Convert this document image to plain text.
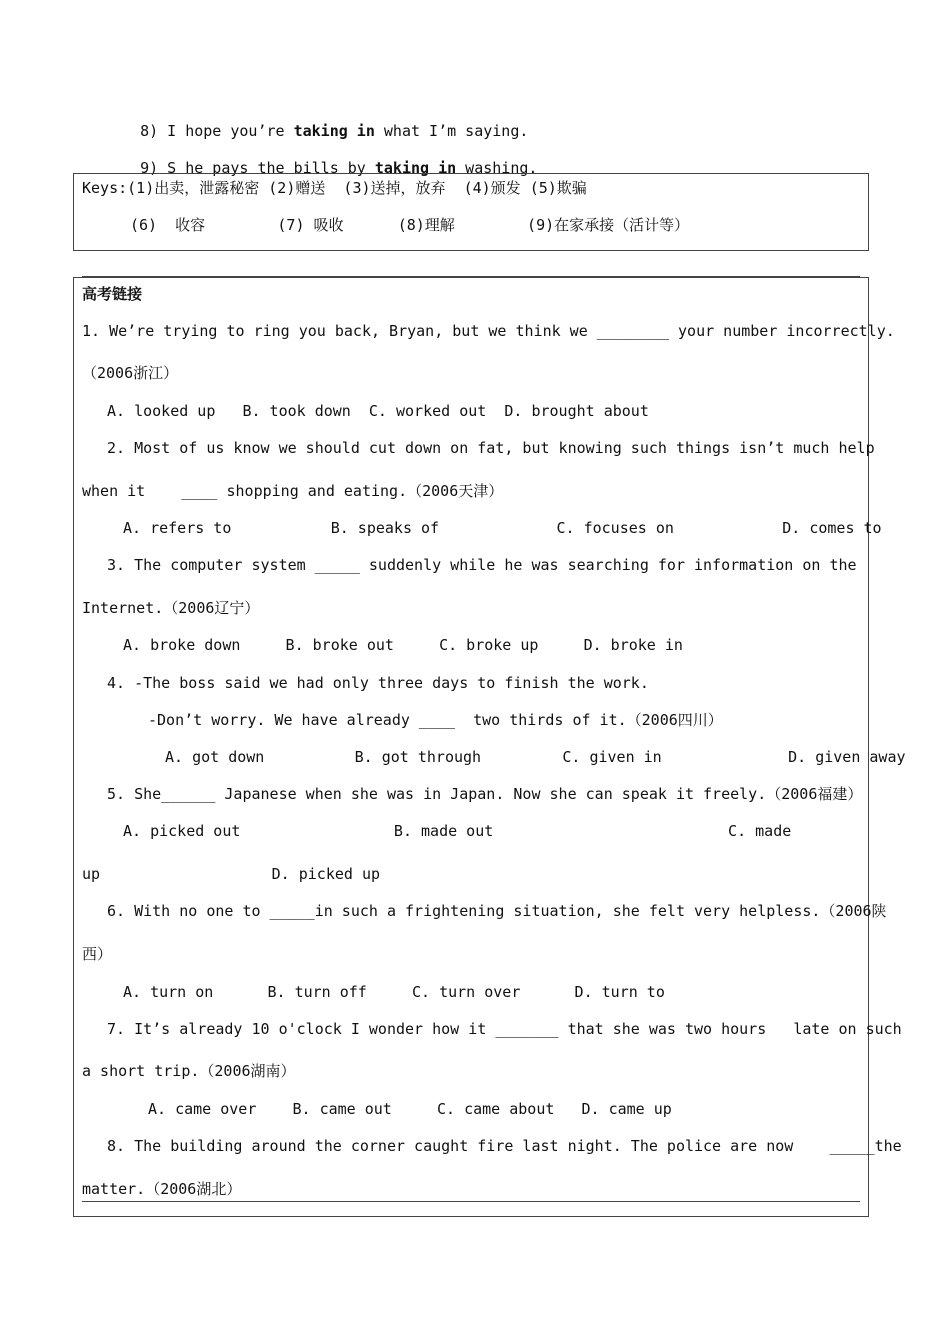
8) I hope you’re taking in what I’m saying.

9) S he pays the bills by taking in washing.

Keys:(1)出卖，泄露秘密 (2)赠送  (3)送掉，放弃  (4)颁发 (5)欺骗
(6)  收容        (7) 吸收      (8)理解        (9)在家承接（活计等）
高考链接
1. We’re trying to ring you back, Bryan, but we think we ________ your number incorrectly.
（2006浙江）
A. looked up   B. took down  C. worked out  D. brought about
2. Most of us know we should cut down on fat, but knowing such things isn’t much help
when it    ____ shopping and eating.（2006天津）
A. refers to           B. speaks of             C. focuses on            D. comes to
3. The computer system _____ suddenly while he was searching for information on the
Internet.（2006辽宁）
A. broke down     B. broke out     C. broke up     D. broke in
4. -The boss said we had only three days to finish the work.
-Don’t worry. We have already ____  two thirds of it.（2006四川）
A. got down          B. got through         C. given in              D. given away
5. She______ Japanese when she was in Japan. Now she can speak it freely.（2006福建）
A. picked out                 B. made out                          C. made
up                   D. picked up
6. With no one to _____in such a frightening situation, she felt very helpless.（2006陕
西）
A. turn on      B. turn off     C. turn over      D. turn to
7. It’s already 10 o'clock I wonder how it _______ that she was two hours   late on such
a short trip.（2006湖南）
A. came over    B. came out     C. came about   D. came up
8. The building around the corner caught fire last night. The police are now    _____the
matter.（2006湖北）
